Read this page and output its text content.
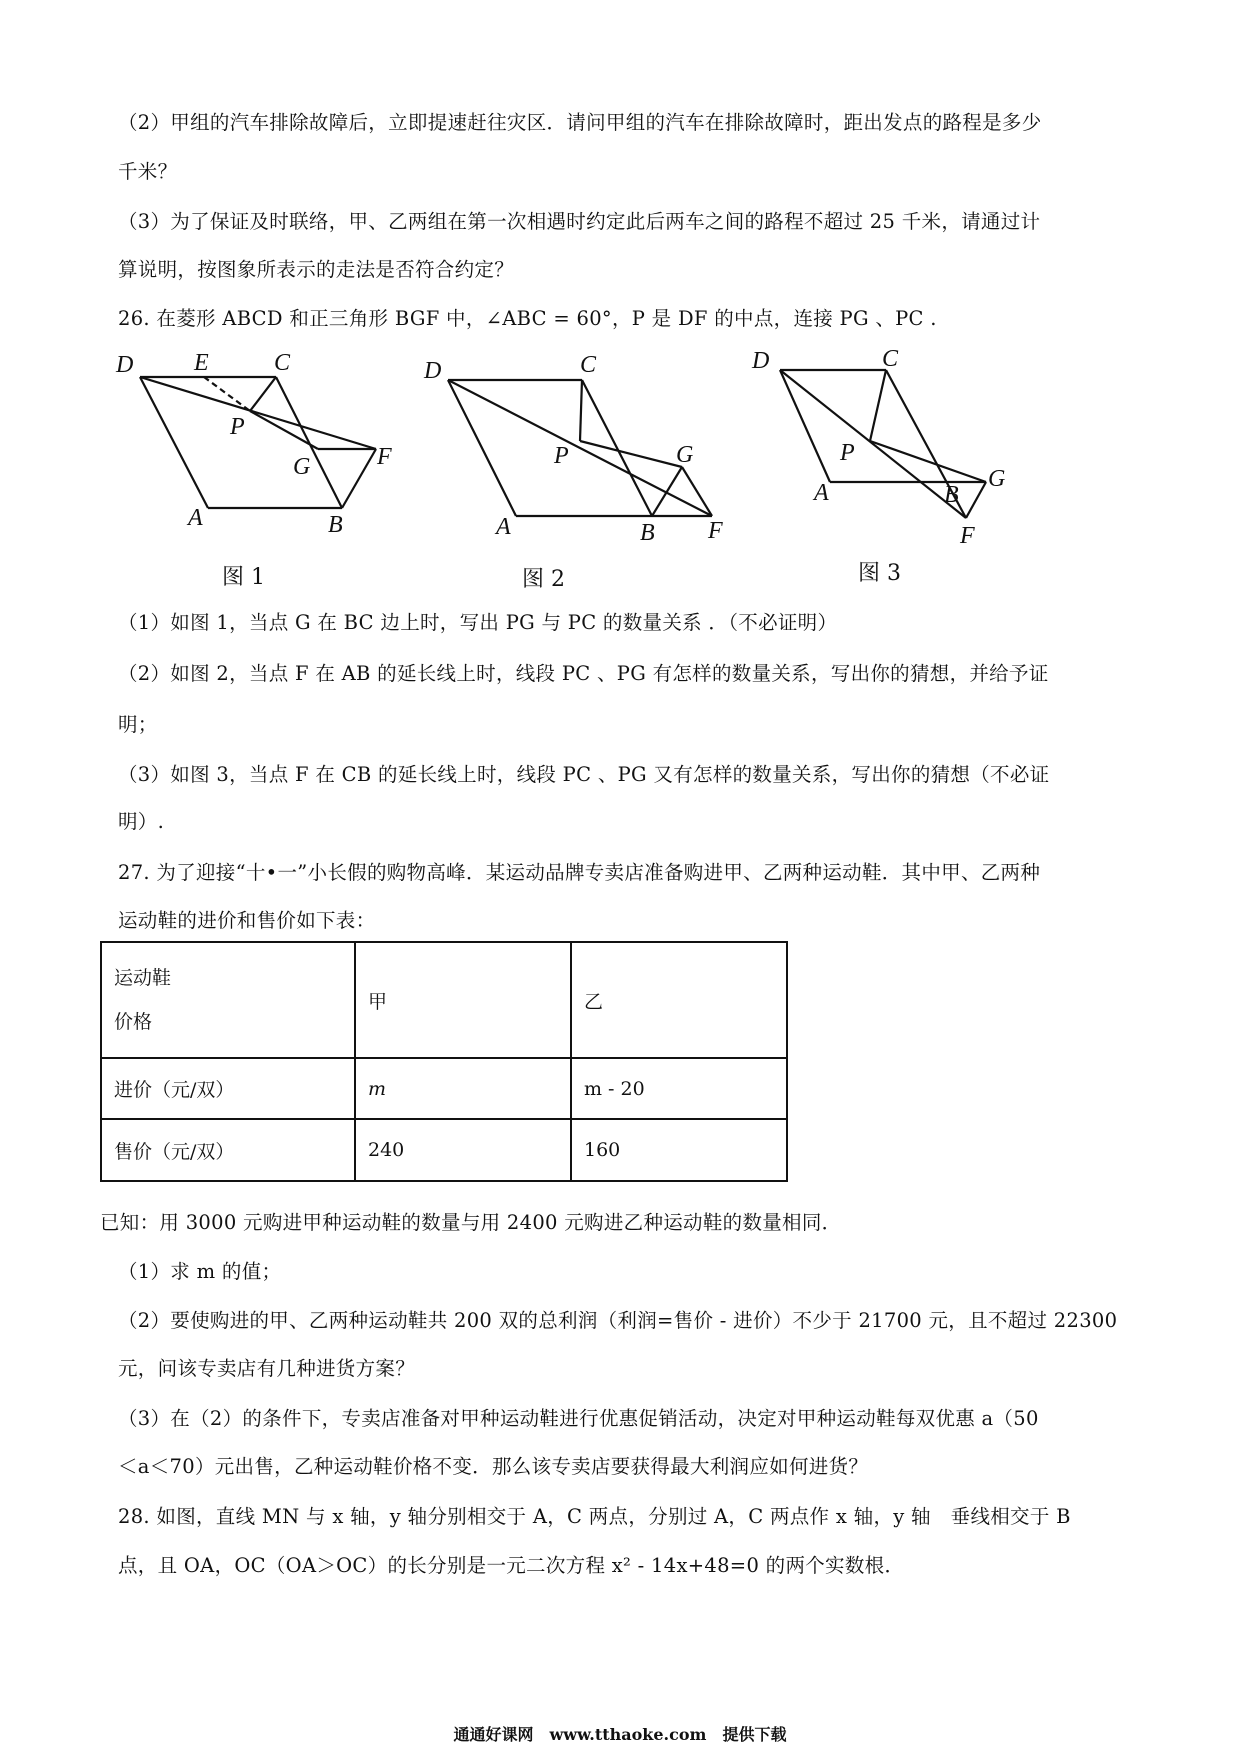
（2）甲组的汽车排除故障后，立即提速赶往灾区．请问甲组的汽车在排除故障时，距出发点的路程是多少
千米？
（3）为了保证及时联络，甲、乙两组在第一次相遇时约定此后两车之间的路程不超过 25 千米，请通过计
算说明，按图象所表示的走法是否符合约定？
26. 在菱形 ABCD 和正三角形 BGF 中，∠ABC = 60°，P 是 DF 的中点，连接 PG 、PC .
D	E	C
P
G	F
A	B
图 1
D	C
P	G
A	B F
图 2
D	C
P
G
A	B
F
图 3
（1）如图 1，当点 G 在 BC 边上时，写出 PG 与 PC 的数量关系 ．（不必证明）
（2）如图 2，当点 F 在 AB 的延长线上时，线段 PC 、PG 有怎样的数量关系，写出你的猜想，并给予证
明；
（3）如图 3，当点 F 在 CB 的延长线上时，线段 PC 、PG 又有怎样的数量关系，写出你的猜想（不必证
明）.
27. 为了迎接“十•一”小长假的购物高峰．某运动品牌专卖店准备购进甲、乙两种运动鞋．其中甲、乙两种
运动鞋的进价和售价如下表：
运动鞋
价格	甲	乙
进价（元/双）	m	m - 20
售价（元/双）	240	160
已知：用 3000 元购进甲种运动鞋的数量与用 2400 元购进乙种运动鞋的数量相同．
（1）求 m 的值；
（2）要使购进的甲、乙两种运动鞋共 200 双的总利润（利润=售价 - 进价）不少于 21700 元，且不超过 22300
元，问该专卖店有几种进货方案？
（3）在（2）的条件下，专卖店准备对甲种运动鞋进行优惠促销活动，决定对甲种运动鞋每双优惠 a（50
＜a＜70）元出售，乙种运动鞋价格不变．那么该专卖店要获得最大利润应如何进货？
28. 如图，直线 MN 与 x 轴，y 轴分别相交于 A，C 两点，分别过 A，C 两点作 x 轴，y 轴　垂线相交于 B
点，且 OA，OC（OA＞OC）的长分别是一元二次方程 x² - 14x+48=0 的两个实数根．
通通好课网　www.tthaoke.com　提供下载
